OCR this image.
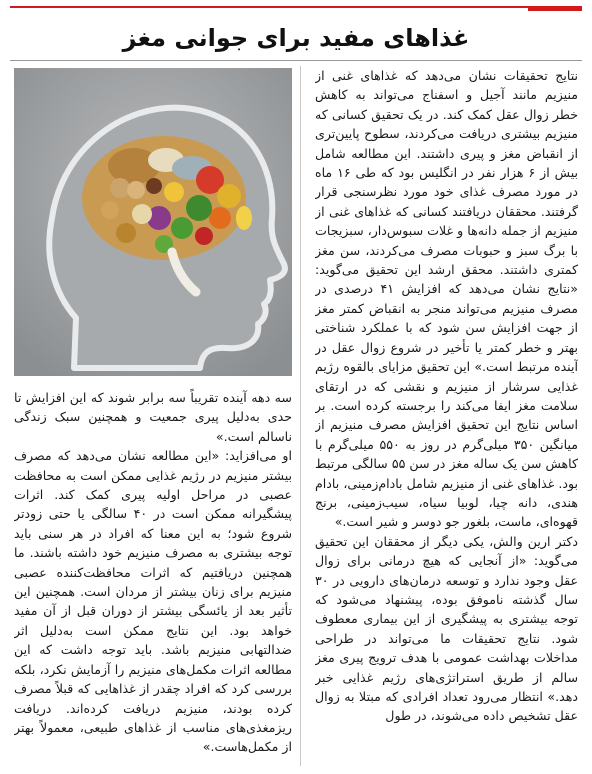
غذاهای مفید برای جوانی مغز

نتایج تحقیقات نشان می‌دهد که غذاهای غنی از منیزیم مانند آجیل و اسفناج می‌تواند به کاهش خطر زوال عقل کمک کند. در یک تحقیق کسانی که منیزیم بیشتری دریافت می‌کردند، سطوح پایین‌تری از انقباض مغز و پیری داشتند. این مطالعه شامل بیش از ۶ هزار نفر در انگلیس بود که طی ۱۶ ماه در مورد مصرف غذای خود مورد نظرسنجی قرار گرفتند. محققان دریافتند کسانی که غذاهای غنی از منیزیم از جمله دانه‌ها و غلات سبوس‌دار، سبزیجات با برگ سبز و حبوبات مصرف می‌کردند، سن مغز کمتری داشتند. محقق ارشد این تحقیق می‌گوید: «نتایج نشان می‌دهد که افزایش ۴۱ درصدی در مصرف منیزیم می‌تواند منجر به انقباض کمتر مغز از جهت افزایش سن شود که با عملکرد شناختی بهتر و خطر کمتر یا تأخیر در شروع زوال عقل در آینده مرتبط است.» این تحقیق مزایای بالقوه رژیم غذایی سرشار از منیزیم و نقشی که در ارتقای سلامت مغز ایفا می‌کند را برجسته کرده است. بر اساس نتایج این تحقیق افزایش مصرف منیزیم از میانگین ۳۵۰ میلی‌گرم در روز به ۵۵۰ میلی‌گرم با کاهش سن یک ساله مغز در سن ۵۵ سالگی مرتبط بود. غذاهای غنی از منیزیم شامل بادام‌زمینی، بادام هندی، دانه چیا، لوبیا سیاه، سیب‌زمینی، برنج قهوه‌ای، ماست، بلغور جو دوسر و شیر است.»

دکتر ارین والش، یکی دیگر از محققان این تحقیق می‌گوید: «از آنجایی که هیچ درمانی برای زوال عقل وجود ندارد و توسعه درمان‌های دارویی در ۳۰ سال گذشته ناموفق بوده، پیشنهاد می‌شود که توجه بیشتری به پیشگیری از این بیماری معطوف شود. نتایج تحقیقات ما می‌تواند در طراحی مداخلات بهداشت عمومی با هدف ترویج پیری مغز سالم از طریق استراتژی‌های رژیم غذایی خبر دهد.» انتظار می‌رود تعداد افرادی که مبتلا به زوال عقل تشخیص داده می‌شوند، در طول

سه دهه آینده تقریباً سه برابر شوند که این افزایش تا حدی به‌دلیل پیری جمعیت و همچنین سبک زندگی ناسالم است.»

او می‌افزاید: «این مطالعه نشان می‌دهد که مصرف بیشتر منیزیم در رژیم غذایی ممکن است به محافظت عصبی در مراحل اولیه پیری کمک کند. اثرات پیشگیرانه ممکن است در ۴۰ سالگی یا حتی زودتر شروع شود؛ به این معنا که افراد در هر سنی باید توجه بیشتری به مصرف منیزیم خود داشته باشند. ما همچنین دریافتیم که اثرات محافظت‌کننده عصبی منیزیم برای زنان بیشتر از مردان است. همچنین این تأثیر بعد از یائسگی بیشتر از دوران قبل از آن مفید خواهد بود. این نتایج ممکن است به‌دلیل اثر ضدالتهابی منیزیم باشد. باید توجه داشت که این مطالعه اثرات مکمل‌های منیزیم را آزمایش نکرد، بلکه بررسی کرد که افراد چقدر از غذاهایی که قبلاً مصرف کرده بودند، منیزیم دریافت کرده‌اند. دریافت ریزمغذی‌های مناسب از غذاهای طبیعی، معمولاً بهتر از مکمل‌هاست.»
